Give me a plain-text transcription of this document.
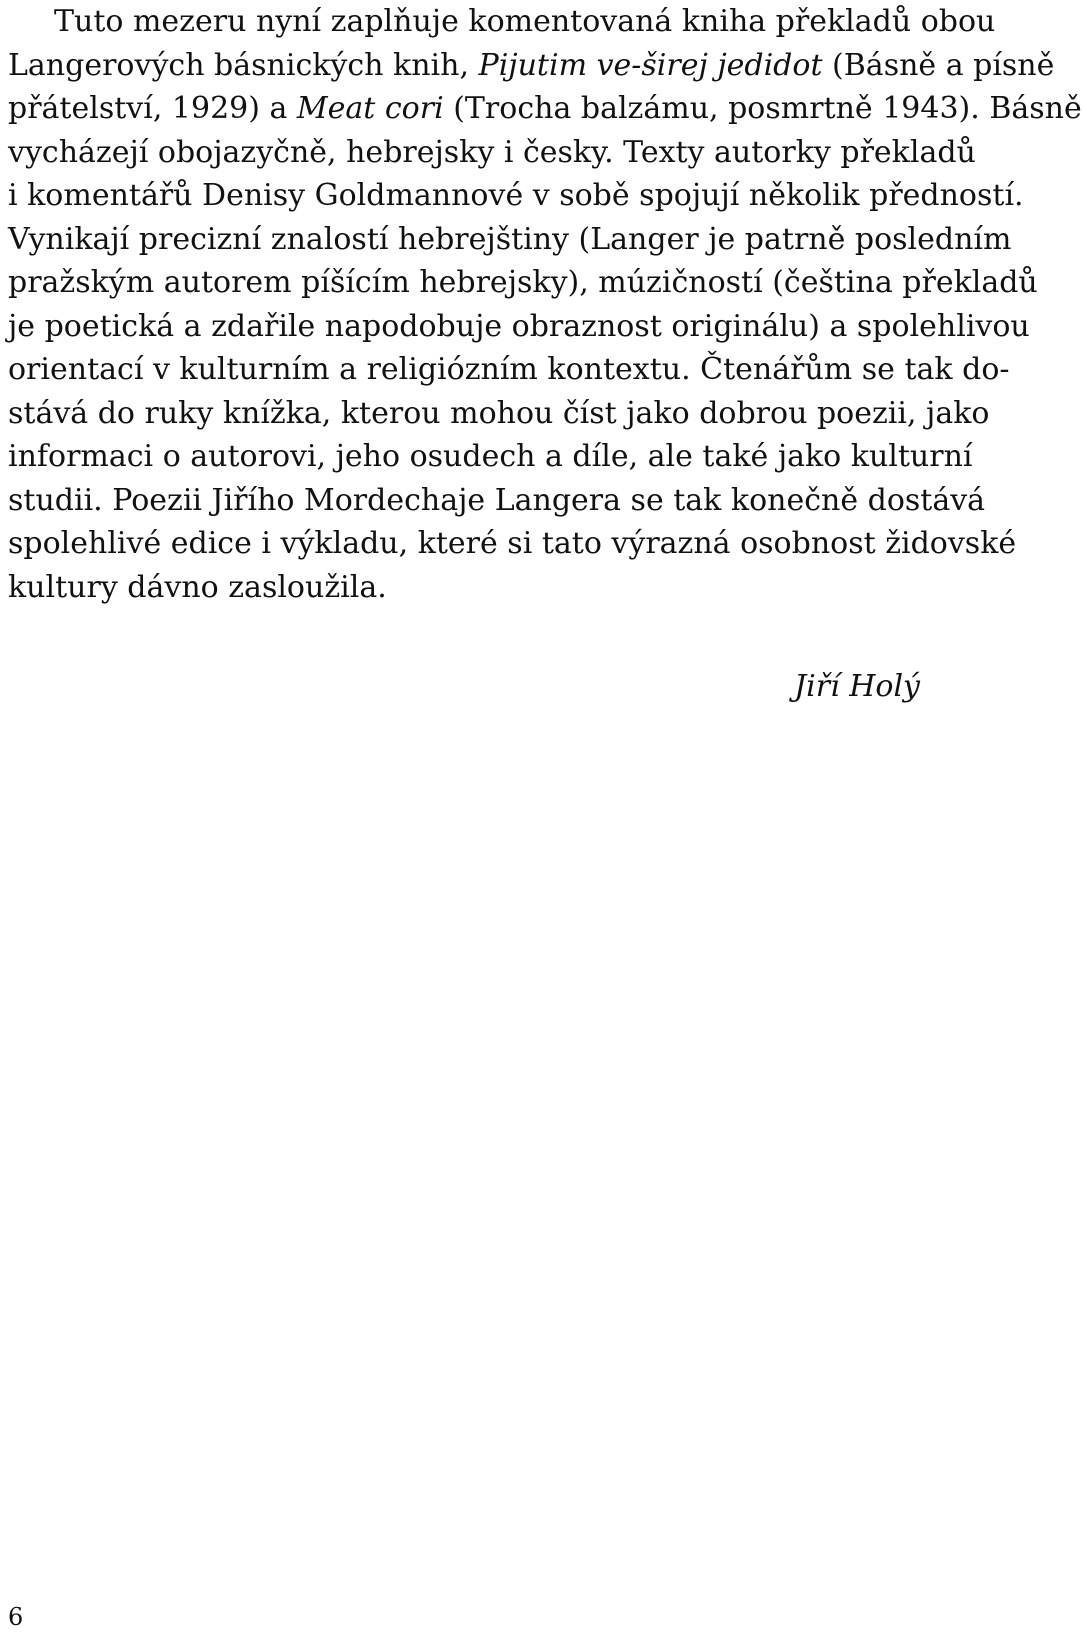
Tuto mezeru nyní zaplňuje komentovaná kniha překladů obou
Langerových básnických knih, Pijutim ve-širej jedidot (Básně a písně
přátelství, 1929) a Meat cori (Trocha balzámu, posmrtně 1943). Básně
vycházejí obojazyčně, hebrejsky i česky. Texty autorky překladů
i komentářů Denisy Goldmannové v sobě spojují několik předností.
Vynikají precizní znalostí hebrejštiny (Langer je patrně posledním
pražským autorem píšícím hebrejsky), múzičností (čeština překladů
je poetická a zdařile napodobuje obraznost originálu) a spolehlivou
orientací v kulturním a religiózním kontextu. Čtenářům se tak do-
stává do ruky knížka, kterou mohou číst jako dobrou poezii, jako
informaci o autorovi, jeho osudech a díle, ale také jako kulturní
studii. Poezii Jiřího Mordechaje Langera se tak konečně dostává
spolehlivé edice i výkladu, které si tato výrazná osobnost židovské
kultury dávno zasloužila.
Jiří Holý
6
